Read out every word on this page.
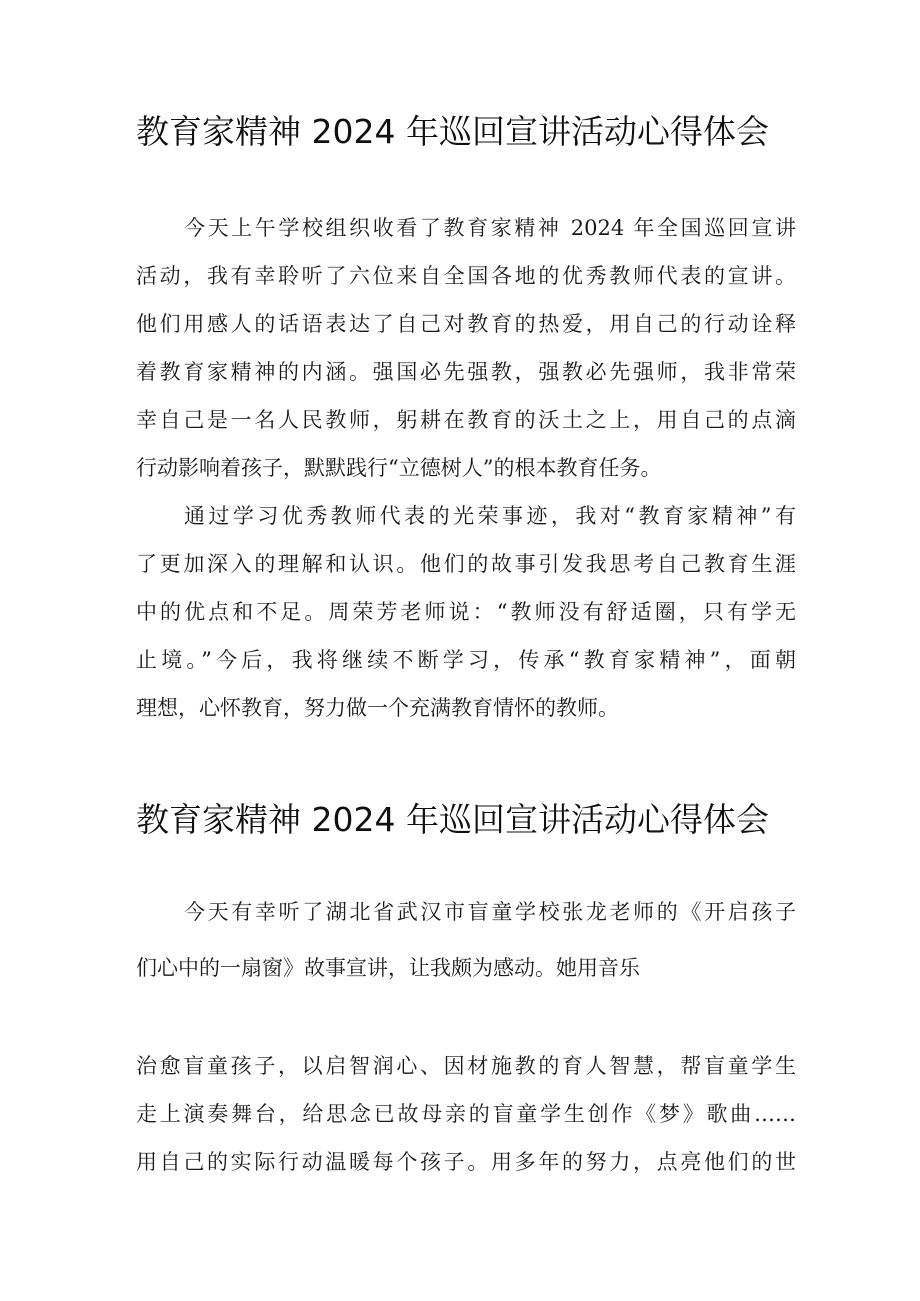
教育家精神 2024 年巡回宣讲活动心得体会

今天上午学校组织收看了教育家精神 2024 年全国巡回宣讲

活动，我有幸聆听了六位来自全国各地的优秀教师代表的宣讲。

他们用感人的话语表达了自己对教育的热爱，用自己的行动诠释

着教育家精神的内涵。强国必先强教，强教必先强师，我非常荣

幸自己是一名人民教师，躬耕在教育的沃土之上，用自己的点滴

行动影响着孩子，默默践行“立德树人”的根本教育任务。

通过学习优秀教师代表的光荣事迹，我对“教育家精神”有

了更加深入的理解和认识。他们的故事引发我思考自己教育生涯

中的优点和不足。周荣芳老师说：“教师没有舒适圈，只有学无

止境。”今后，我将继续不断学习，传承“教育家精神”，面朝

理想，心怀教育，努力做一个充满教育情怀的教师。

教育家精神 2024 年巡回宣讲活动心得体会

今天有幸听了湖北省武汉市盲童学校张龙老师的《开启孩子

们心中的一扇窗》故事宣讲，让我颇为感动。她用音乐

治愈盲童孩子，以启智润心、因材施教的育人智慧，帮盲童学生

走上演奏舞台，给思念已故母亲的盲童学生创作《梦》歌曲……

用自己的实际行动温暖每个孩子。用多年的努力，点亮他们的世
